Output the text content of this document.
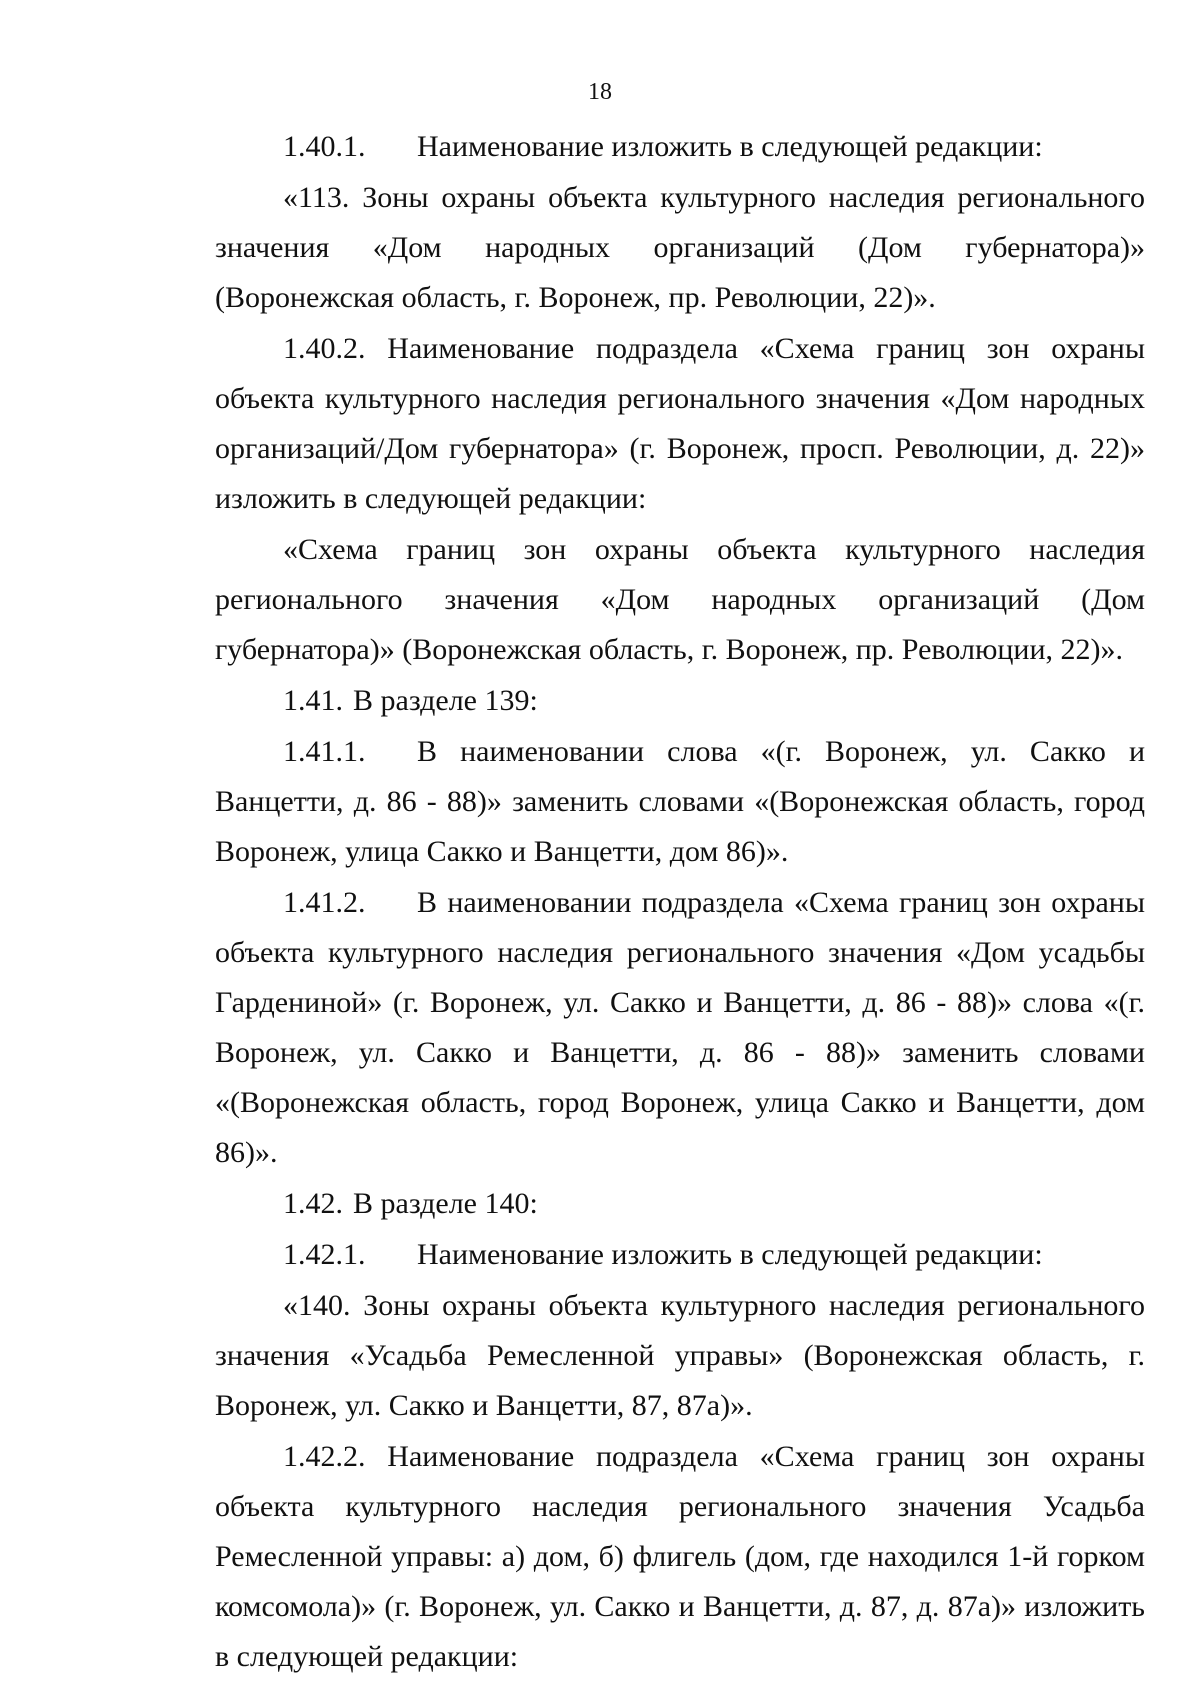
18

1.40.1. Наименование изложить в следующей редакции:

«113. Зоны охраны объекта культурного наследия регионального значения «Дом народных организаций (Дом губернатора)» (Воронежская область, г. Воронеж, пр. Революции, 22)».

1.40.2. Наименование подраздела «Схема границ зон охраны объекта культурного наследия регионального значения «Дом народных организаций/Дом губернатора» (г. Воронеж, просп. Революции, д. 22)» изложить в следующей редакции:

«Схема границ зон охраны объекта культурного наследия регионального значения «Дом народных организаций (Дом губернатора)» (Воронежская область, г. Воронеж, пр. Революции, 22)».

1.41. В разделе 139:

1.41.1. В наименовании слова «(г. Воронеж, ул. Сакко и Ванцетти, д. 86 - 88)» заменить словами «(Воронежская область, город Воронеж, улица Сакко и Ванцетти, дом 86)».

1.41.2. В наименовании подраздела «Схема границ зон охраны объекта культурного наследия регионального значения «Дом усадьбы Гардениной» (г. Воронеж, ул. Сакко и Ванцетти, д. 86 - 88)» слова «(г. Воронеж, ул. Сакко и Ванцетти, д. 86 - 88)» заменить словами «(Воронежская область, город Воронеж, улица Сакко и Ванцетти, дом 86)».

1.42. В разделе 140:

1.42.1. Наименование изложить в следующей редакции:

«140. Зоны охраны объекта культурного наследия регионального значения «Усадьба Ремесленной управы» (Воронежская область, г. Воронеж, ул. Сакко и Ванцетти, 87, 87а)».

1.42.2. Наименование подраздела «Схема границ зон охраны объекта культурного наследия регионального значения Усадьба Ремесленной управы: а) дом, б) флигель (дом, где находился 1-й горком комсомола)» (г. Воронеж, ул. Сакко и Ванцетти, д. 87, д. 87а)» изложить в следующей редакции:
